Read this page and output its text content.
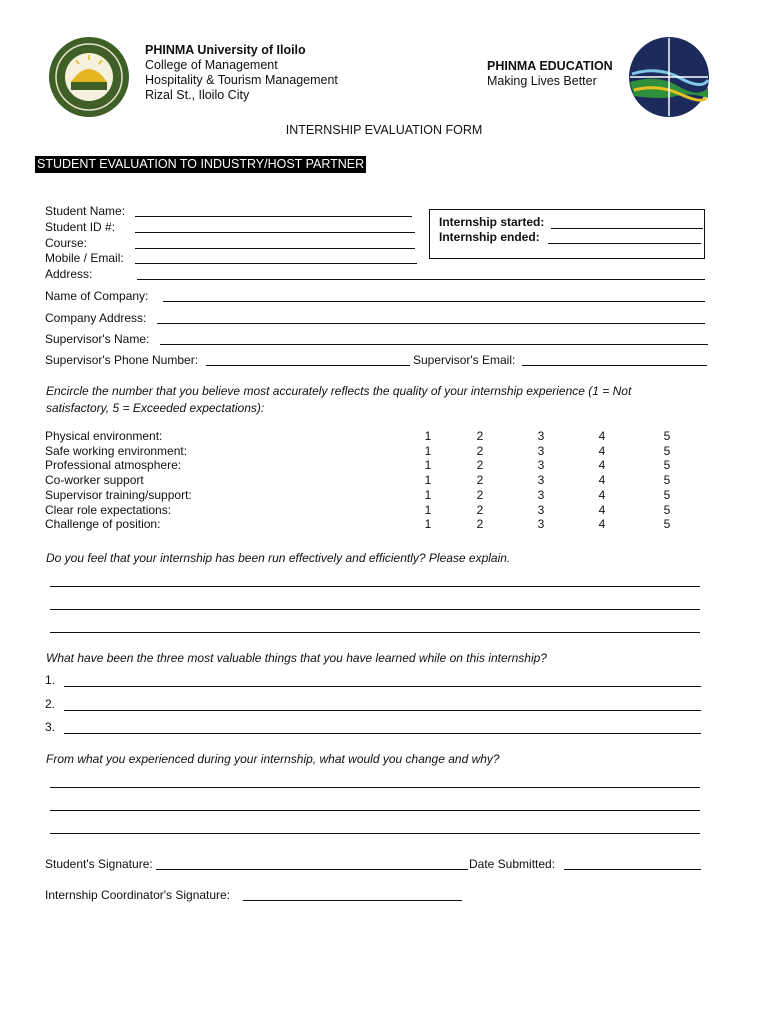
PHINMA University of Iloilo
College of Management
Hospitality & Tourism Management
Rizal St., Iloilo City
PHINMA EDUCATION
Making Lives Better
INTERNSHIP EVALUATION FORM
STUDENT EVALUATION TO INDUSTRY/HOST PARTNER
Student Name:
Student ID #:
Course:
Mobile / Email:
Address:
Internship started:
Internship ended:
Name of Company:
Company Address:
Supervisor's Name:
Supervisor's Phone Number:	Supervisor's Email:
Encircle the number that you believe most accurately reflects the quality of your internship experience (1 = Not
satisfactory, 5 = Exceeded expectations):
Physical environment:	1	2	3	4	5
Safe working environment:	1	2	3	4	5
Professional atmosphere:	1	2	3	4	5
Co-worker support	1	2	3	4	5
Supervisor training/support:	1	2	3	4	5
Clear role expectations:	1	2	3	4	5
Challenge of position:	1	2	3	4	5
Do you feel that your internship has been run effectively and efficiently? Please explain.
What have been the three most valuable things that you have learned while on this internship?
1.
2.
3.
From what you experienced during your internship, what would you change and why?
Student's Signature:	Date Submitted:
Internship Coordinator's Signature:
